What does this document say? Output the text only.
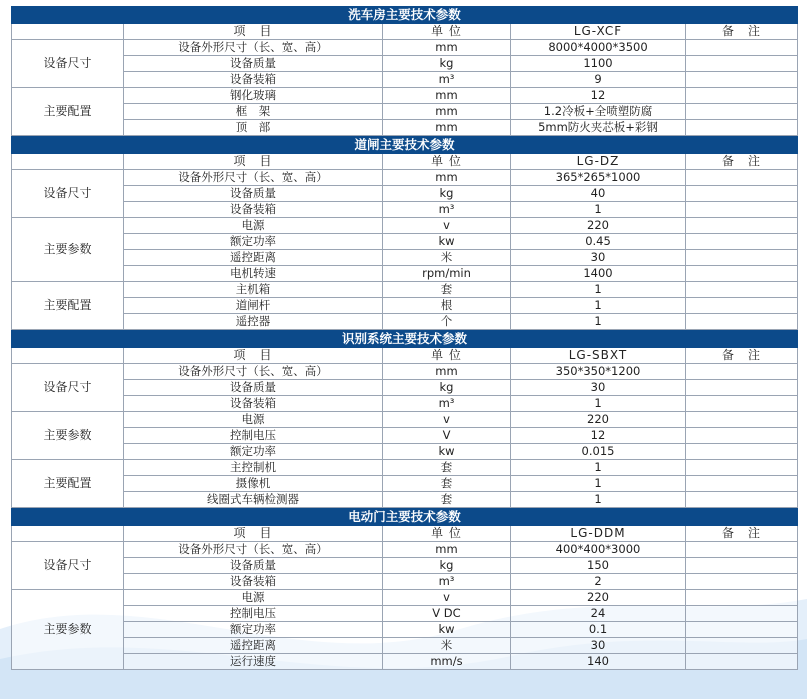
洗车房主要技术参数				
	项　目	单 位	LG-XCF	备　注
设备尺寸	设备外形尺寸（长、宽、高）	mm	8000*4000*3500	
	设备质量	kg	1100	
	设备装箱	m³	9	
主要配置	钢化玻璃	mm	12	
	框　架	mm	1.2冷板+全喷塑防腐	
	顶　部	mm	5mm防火夹芯板+彩钢	
道闸主要技术参数				
	项　目	单 位	LG-DZ	备　注
设备尺寸	设备外形尺寸（长、宽、高）	mm	365*265*1000	
	设备质量	kg	40	
	设备装箱	m³	1	
主要参数	电源	v	220	
	额定功率	kw	0.45	
	遥控距离	米	30	
	电机转速	rpm/min	1400	
主要配置	主机箱	套	1	
	道闸杆	根	1	
	遥控器	个	1	
识别系统主要技术参数				
	项　目	单 位	LG-SBXT	备　注
设备尺寸	设备外形尺寸（长、宽、高）	mm	350*350*1200	
	设备质量	kg	30	
	设备装箱	m³	1	
主要参数	电源	v	220	
	控制电压	V	12	
	额定功率	kw	0.015	
主要配置	主控制机	套	1	
	摄像机	套	1	
	线圈式车辆检测器	套	1	
电动门主要技术参数				
	项　目	单 位	LG-DDM	备　注
设备尺寸	设备外形尺寸（长、宽、高）	mm	400*400*3000	
	设备质量	kg	150	
	设备装箱	m³	2	
主要参数	电源	v	220	
	控制电压	V DC	24	
	额定功率	kw	0.1	
	遥控距离	米	30	
	运行速度	mm/s	140	
